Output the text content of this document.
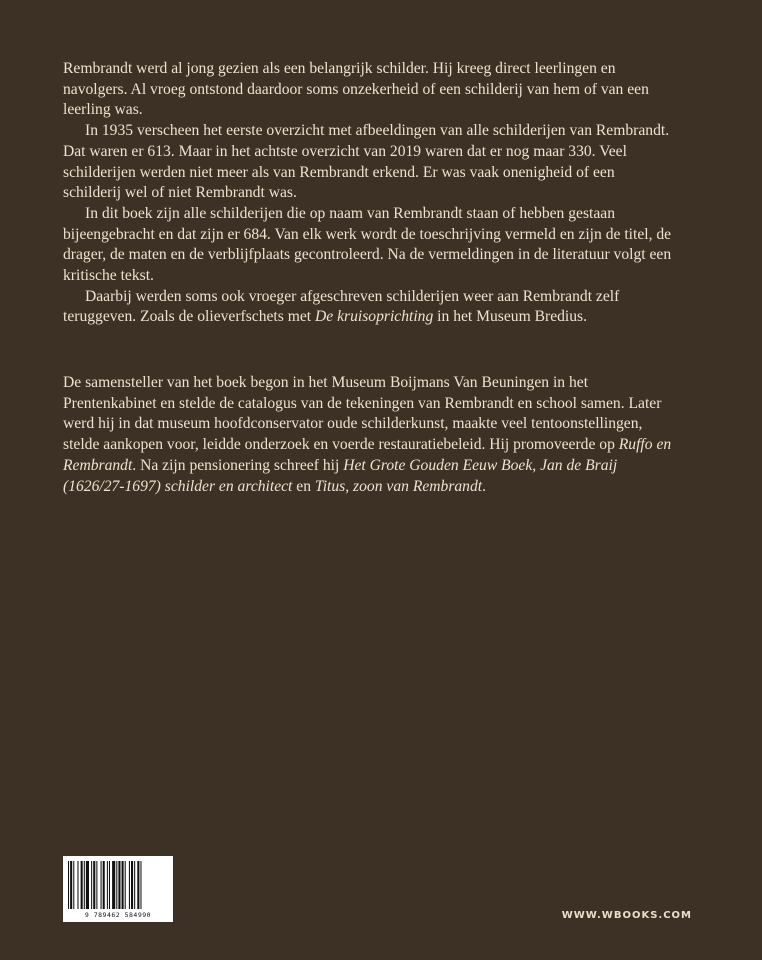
Rembrandt werd al jong gezien als een belangrijk schilder. Hij kreeg direct leerlingen en navolgers. Al vroeg ontstond daardoor soms onzekerheid of een schilderij van hem of van een leerling was.

In 1935 verscheen het eerste overzicht met afbeeldingen van alle schilderijen van Rembrandt. Dat waren er 613. Maar in het achtste overzicht van 2019 waren dat er nog maar 330. Veel schilderijen werden niet meer als van Rembrandt erkend. Er was vaak onenigheid of een schilderij wel of niet Rembrandt was.

In dit boek zijn alle schilderijen die op naam van Rembrandt staan of hebben gestaan bijeengebracht en dat zijn er 684. Van elk werk wordt de toeschrijving vermeld en zijn de titel, de drager, de maten en de verblijfplaats gecontroleerd. Na de vermeldingen in de literatuur volgt een kritische tekst.

Daarbij werden soms ook vroeger afgeschreven schilderijen weer aan Rembrandt zelf teruggeven. Zoals de olieverfschets met De kruisoprichting in het Museum Bredius.

De samensteller van het boek begon in het Museum Boijmans Van Beuningen in het Prentenkabinet en stelde de catalogus van de tekeningen van Rembrandt en school samen. Later werd hij in dat museum hoofdconservator oude schilderkunst, maakte veel tentoonstellingen, stelde aankopen voor, leidde onderzoek en voerde restauratiebeleid. Hij promoveerde op Ruffo en Rembrandt. Na zijn pensionering schreef hij Het Grote Gouden Eeuw Boek, Jan de Braij (1626/27-1697) schilder en architect en Titus, zoon van Rembrandt.

9 789462 584990	WWW.WBOOKS.COM
